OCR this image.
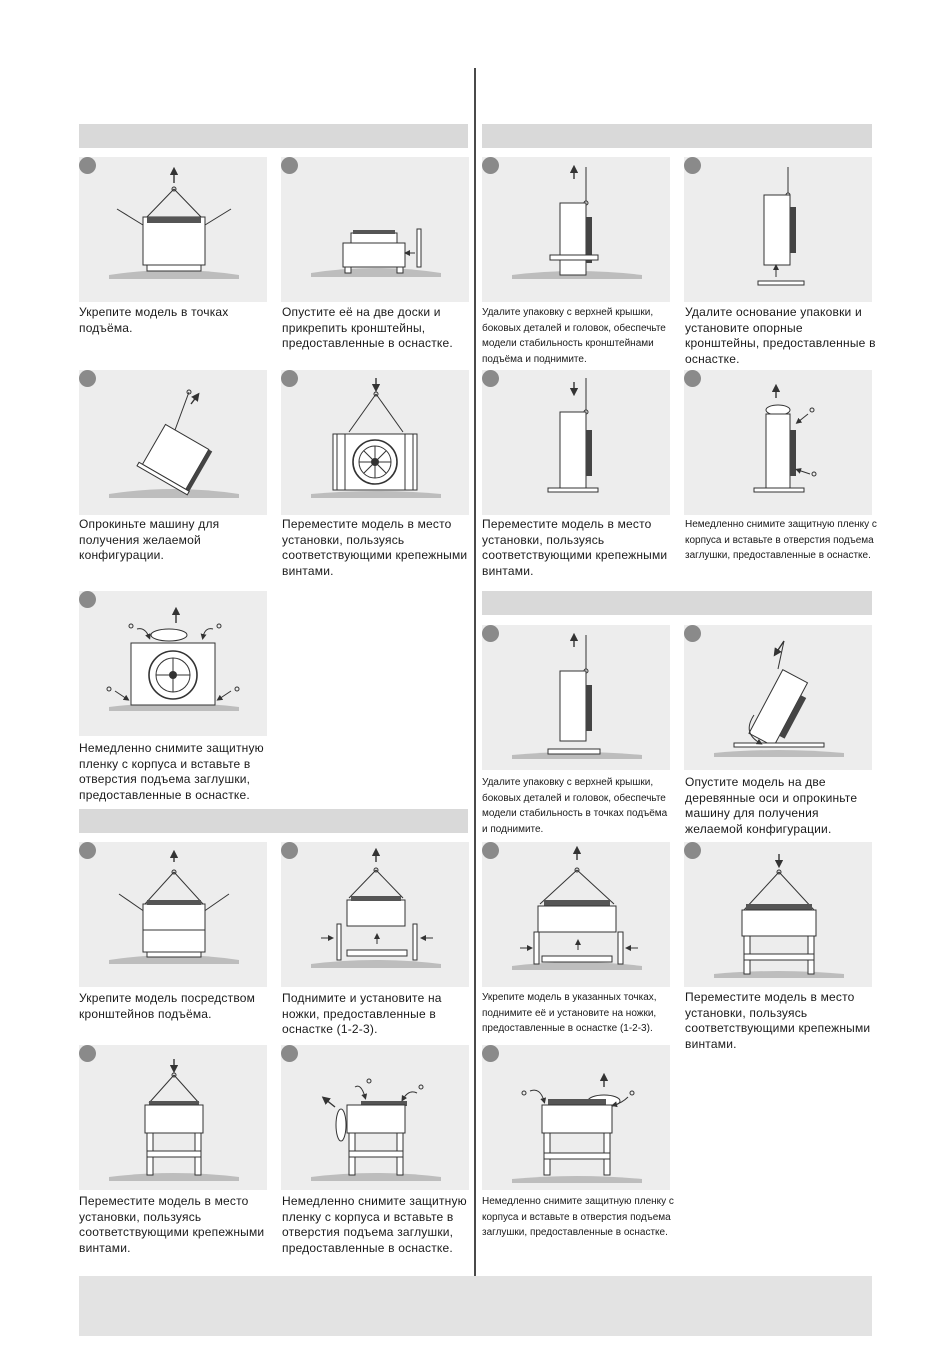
Укрепите модель в точках подъёма.
Опустите её на две доски и прикрепить кронштейны, предоставленные в оснастке.
Опрокиньте машину для получения желаемой конфигурации.
Переместите модель в место установки, пользуясь соответствующими крепежными винтами.
Немедленно снимите защитную пленку с корпуса и вставьте в отверстия подъема заглушки, предоставленные в оснастке.
Укрепите модель посредством кронштейнов подъёма.
Поднимите и установите на ножки, предоставленные в оснастке (1-2-3).
Переместите модель в место установки, пользуясь соответствующими крепежными винтами.
Немедленно снимите защитную пленку с корпуса и вставьте в отверстия подъема заглушки, предоставленные в оснастке.
Удалите упаковку с верхней крышки, боковых деталей и головок, обеспечьте модели стабильность кронштейнами подъёма и поднимите.
Удалите основание упаковки и установите опорные кронштейны, предоставленные в оснастке.
Переместите модель в место установки, пользуясь соответствующими крепежными винтами.
Немедленно снимите защитную пленку с корпуса и вставьте в отверстия подъема заглушки, предоставленные в оснастке.
Удалите упаковку с верхней крышки, боковых деталей и головок, обеспечьте модели стабильность в точках подъёма и поднимите.
Опустите модель на две деревянные оси и опрокиньте машину для получения желаемой конфигурации.
Укрепите модель в указанных точках, поднимите её и установите на ножки, предоставленные в оснастке (1-2-3).
Переместите модель в место установки, пользуясь соответствующими крепежными винтами.
Немедленно снимите защитную пленку с корпуса и вставьте в отверстия подъема заглушки, предоставленные в оснастке.
